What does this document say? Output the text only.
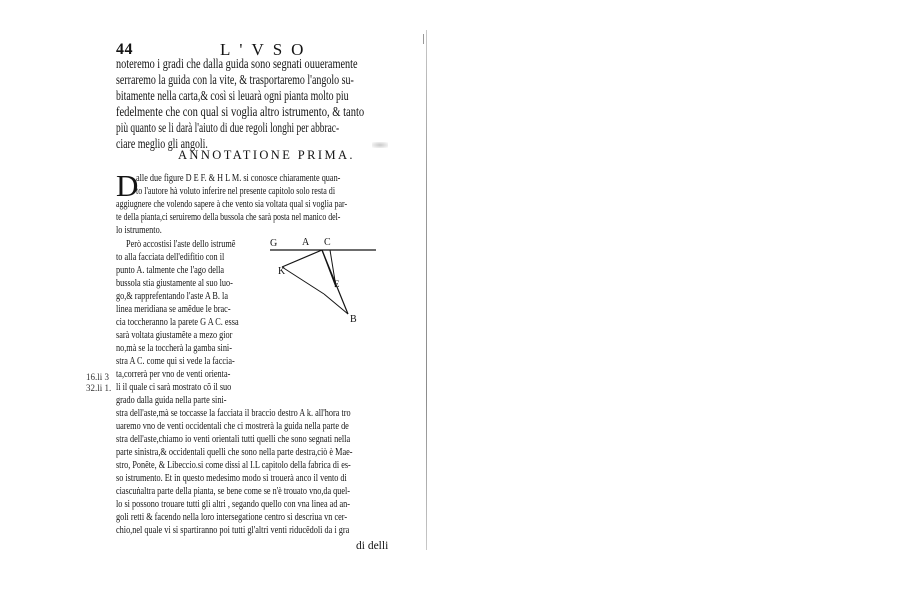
44	L'VSO
noteremo i gradi che dalla guida sono segnati ouueramente
serraremo la guida con la vite, & trasportaremo l'angolo su-
bitamente nella carta,& così si leuarà ogni pianta molto piu
fedelmente che con qual si voglia altro istrumento, & tanto
più quanto se li darà l'aiuto di due regoli longhi per abbrac-
ciare meglio gli angoli.
ANNOTATIONE PRIMA.
D
alle due figure D E F. & H L M. si conosce chiaramente quan-
to l'autore hà voluto inferire nel presente capitolo solo resta di
aggiugnere che volendo sapere à che vento sia voltata qual si voglia par-
te della pianta,ci seruiremo della bussola che sarà posta nel manico del-
lo istrumento.
Però accostisi l'aste dello istrumẽ
to alla facciata dell'edifitio con il
punto A. talmente che l'ago della
bussola stia giustamente al suo luo-
go,& rapprefentando l'aste A B. la
linea meridiana se amẽdue le brac-
cia toccheranno la parete G A C. essa
sarà voltata giustamẽte a mezo gior
no,mà se la toccherà la gamba sini-
stra A C. come qui si vede la faccia-
ta,correrà per vno de venti orienta-
li il quale ci sarà mostrato cõ il suo
grado dalla guida nella parte sini-
stra dell'aste,mà se toccasse la facciata il braccio destro A k. all'hora tro
uaremo vno de venti occidentali che ci mostrerà la guida nella parte de
stra dell'aste,chiamo io venti orientali tutti quelli che sono segnati nella
parte sinistra,& occidentali quelli che sono nella parte destra,ciò è Mae-
stro, Ponẽte, & Libeccio.si come dissi al I.L capitolo della fabrica di es-
so istrumento. Et in questo medesimo modo si trouerà anco il vento di
ciascuṅaltra parte della pianta, se bene come se n'è trouato vno,da quel-
lo si possono trouare tutti gli altri , segando quello con vna linea ad an-
goli retti & facendo nella loro intersegatione centro si descriua vn cer-
chio,nel quale vi si spartiranno poi tutti gl'altri venti riducẽdoli da i gra
di delli
16.li 3
32.li 1.
G A C
K
E
B
